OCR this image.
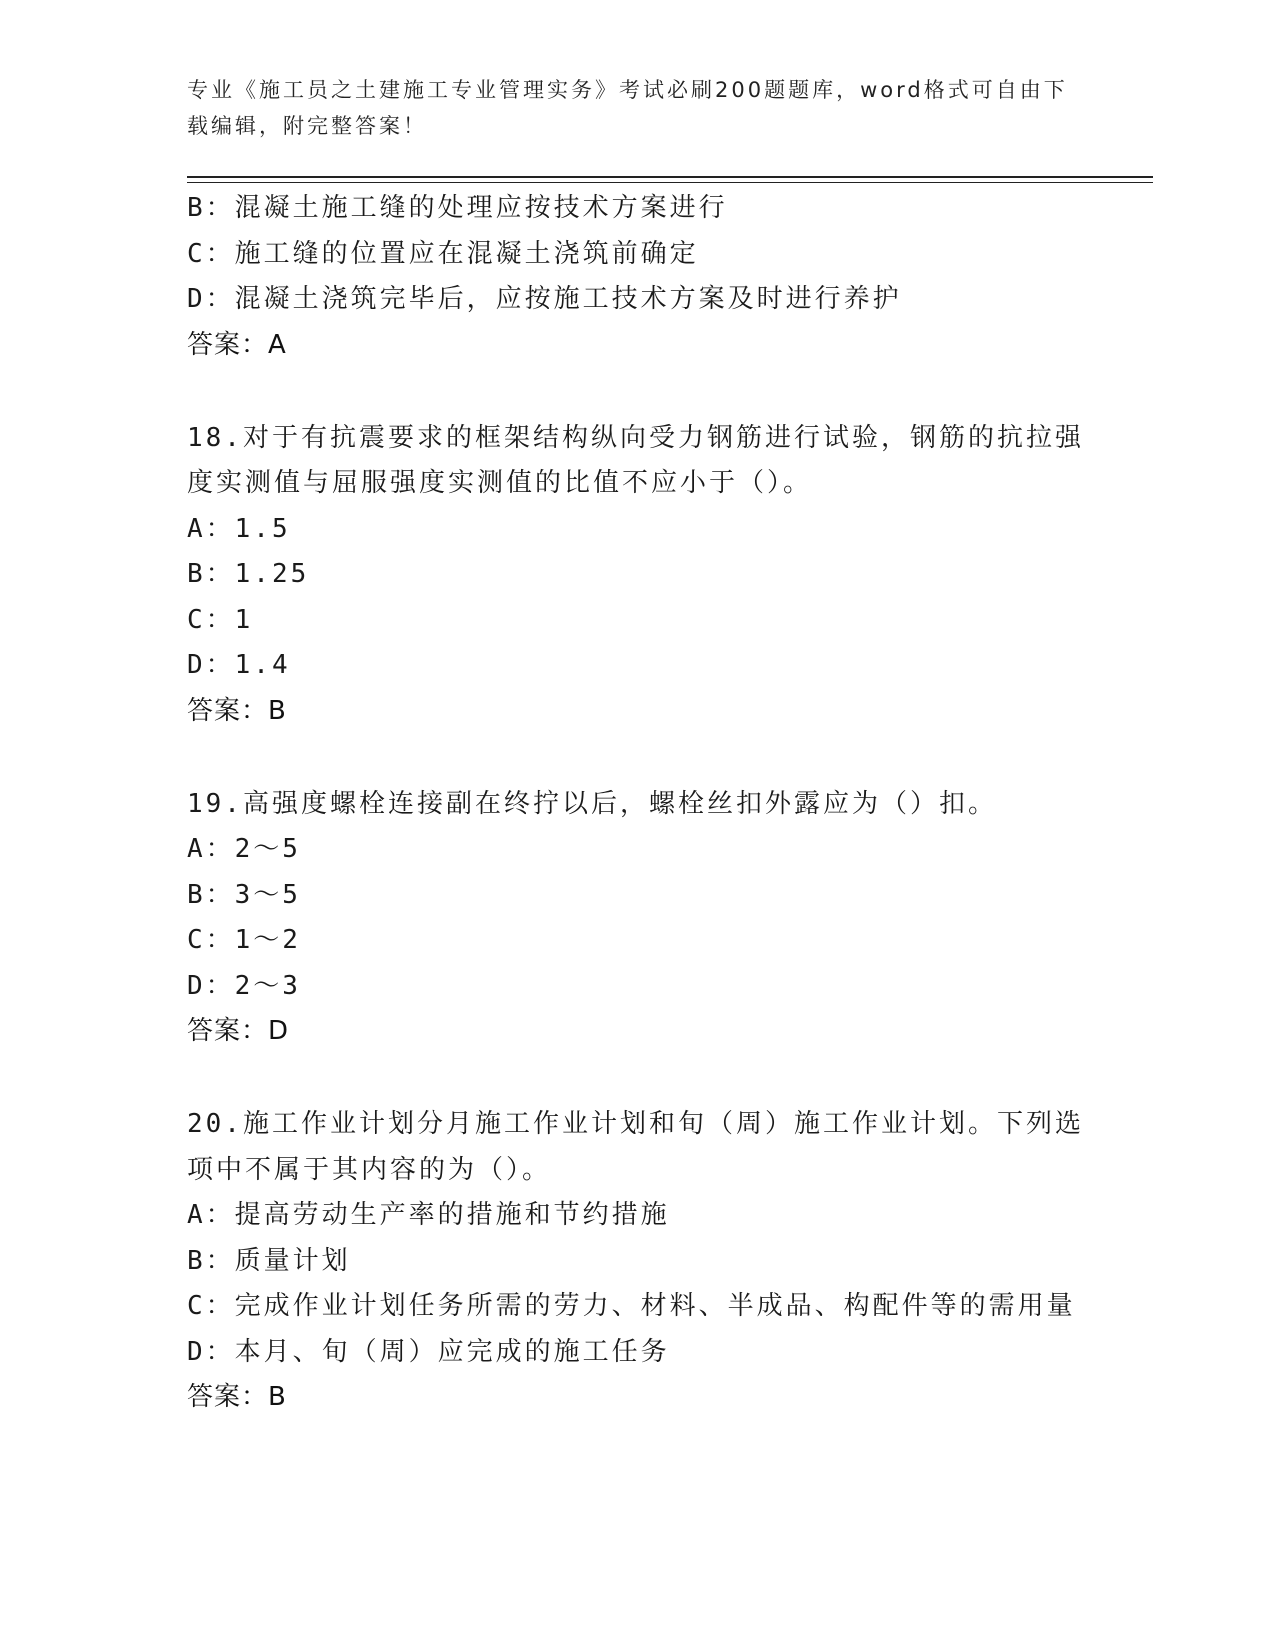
专业《施工员之土建施工专业管理实务》考试必刷200题题库，word格式可自由下载编辑，附完整答案！
B：混凝土施工缝的处理应按技术方案进行
C：施工缝的位置应在混凝土浇筑前确定
D：混凝土浇筑完毕后，应按施工技术方案及时进行养护
答案：A
18.对于有抗震要求的框架结构纵向受力钢筋进行试验，钢筋的抗拉强度实测值与屈服强度实测值的比值不应小于（）。
A：1.5
B：1.25
C：1
D：1.4
答案：B
19.高强度螺栓连接副在终拧以后，螺栓丝扣外露应为（）扣。
A：2～5
B：3～5
C：1～2
D：2～3
答案：D
20.施工作业计划分月施工作业计划和旬（周）施工作业计划。下列选项中不属于其内容的为（）。
A：提高劳动生产率的措施和节约措施
B：质量计划
C：完成作业计划任务所需的劳力、材料、半成品、构配件等的需用量
D：本月、旬（周）应完成的施工任务
答案：B
